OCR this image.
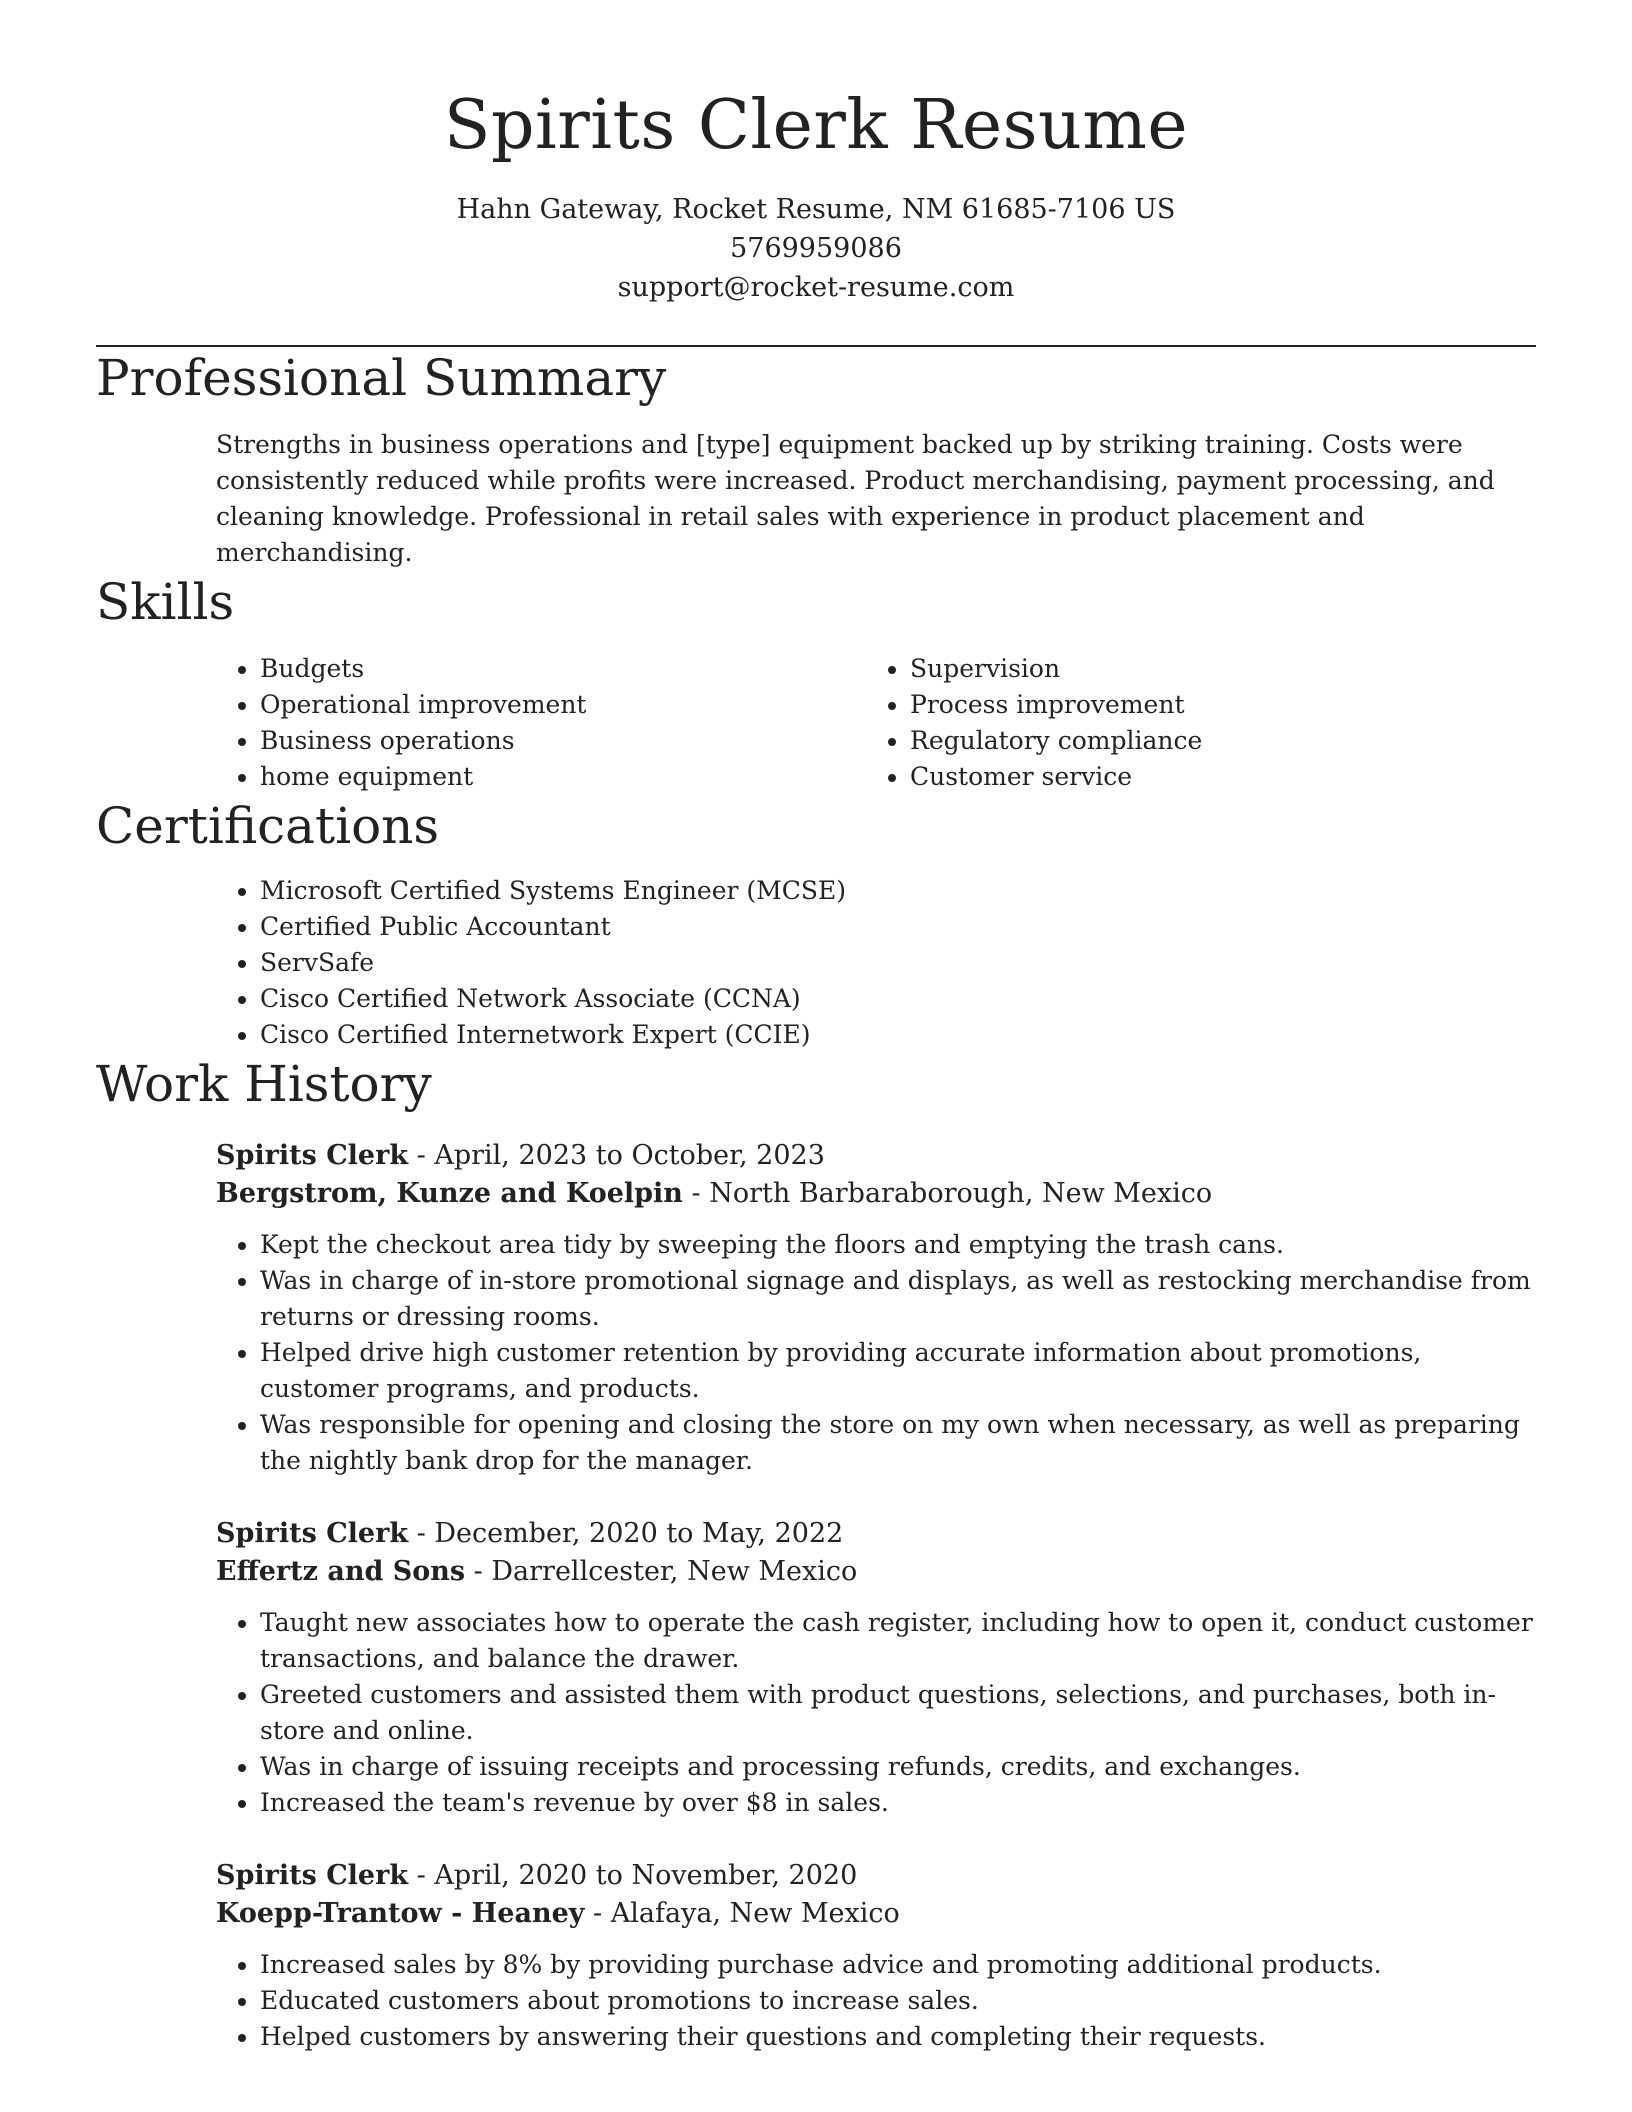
Spirits Clerk Resume
Hahn Gateway, Rocket Resume, NM 61685-7106 US
5769959086
support@rocket-resume.com
Professional Summary

Strengths in business operations and [type] equipment backed up by striking training. Costs were consistently reduced while profits were increased. Product merchandising, payment processing, and cleaning knowledge. Professional in retail sales with experience in product placement and merchandising.

Skills
• Budgets
• Operational improvement
• Business operations
• home equipment
• Supervision
• Process improvement
• Regulatory compliance
• Customer service
Certifications
• Microsoft Certified Systems Engineer (MCSE)
• Certified Public Accountant
• ServSafe
• Cisco Certified Network Associate (CCNA)
• Cisco Certified Internetwork Expert (CCIE)
Work History
Spirits Clerk - April, 2023 to October, 2023
Bergstrom, Kunze and Koelpin - North Barbaraborough, New Mexico
• Kept the checkout area tidy by sweeping the floors and emptying the trash cans.
• Was in charge of in-store promotional signage and displays, as well as restocking merchandise from returns or dressing rooms.
• Helped drive high customer retention by providing accurate information about promotions, customer programs, and products.
• Was responsible for opening and closing the store on my own when necessary, as well as preparing the nightly bank drop for the manager.
Spirits Clerk - December, 2020 to May, 2022
Effertz and Sons - Darrellcester, New Mexico
• Taught new associates how to operate the cash register, including how to open it, conduct customer transactions, and balance the drawer.
• Greeted customers and assisted them with product questions, selections, and purchases, both in-store and online.
• Was in charge of issuing receipts and processing refunds, credits, and exchanges.
• Increased the team's revenue by over $8 in sales.
Spirits Clerk - April, 2020 to November, 2020
Koepp-Trantow - Heaney - Alafaya, New Mexico
• Increased sales by 8% by providing purchase advice and promoting additional products.
• Educated customers about promotions to increase sales.
• Helped customers by answering their questions and completing their requests.
